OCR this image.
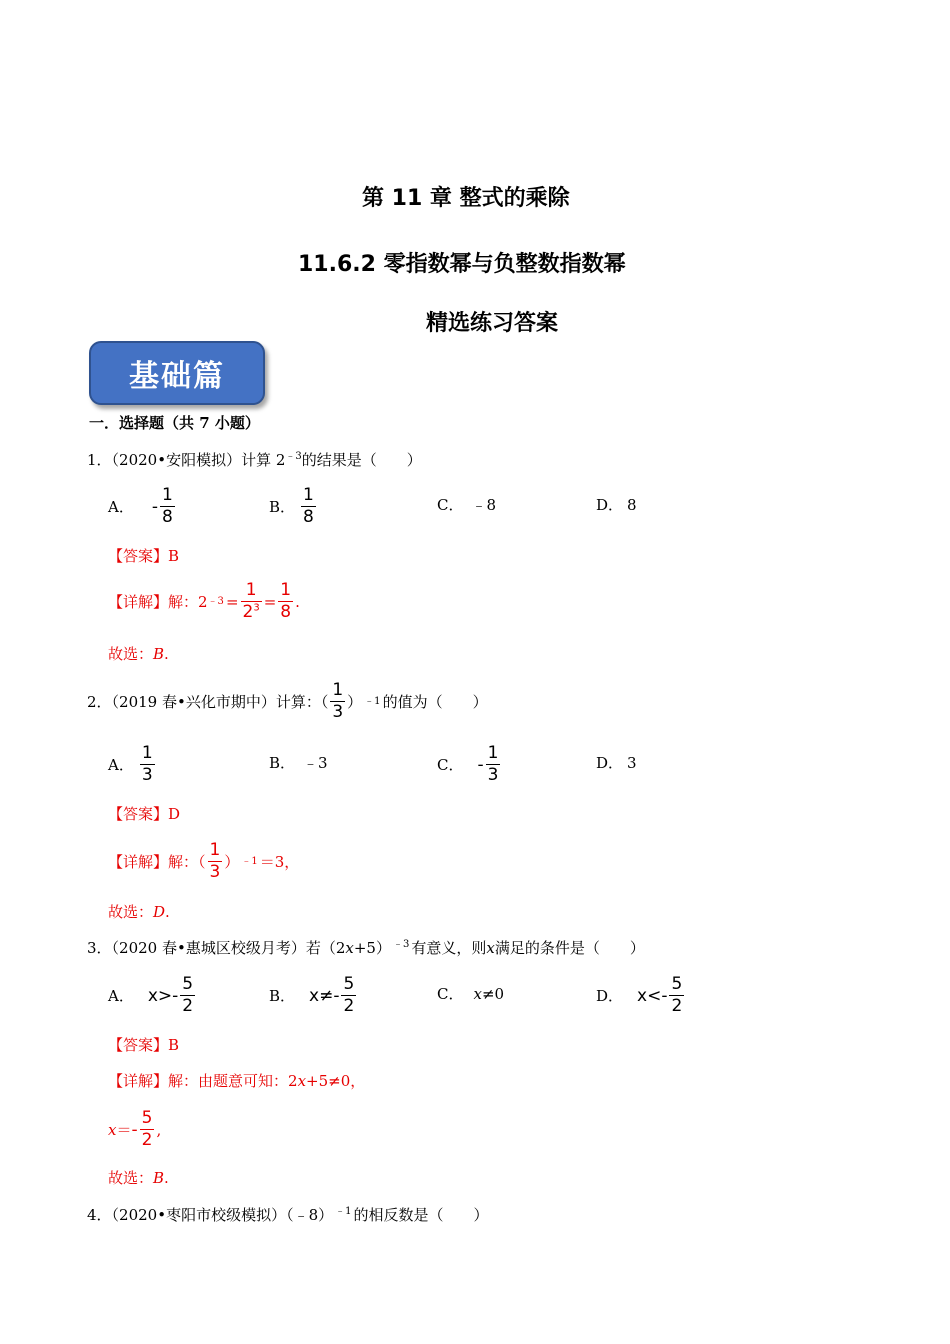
第 11 章 整式的乘除
11.6.2 零指数幂与负整数指数幂
精选练习答案
基础篇
一．选择题（共 7 小题）
1．（2020•安阳模拟）计算 $2^{﹣3}$的结果是（　　）
A． - $\frac{1}{8}$	B． $\frac{1}{8}$	C． ﹣8	D． 8
【答案】B
【详解】 解：2 ﹣3 = $\frac{1}{2^3} = \frac{1}{8}$ .
故选：B.
2．（2019 春•兴化市期中）计算：（ $\frac{1}{3}$ ） ﹣1 的值为（　　）
A． $\frac{1}{3}$	B． ﹣3	C． - $\frac{1}{3}$	D． 3
【答案】D
【详解】 解：（ $\frac{1}{3}$ ） ﹣1 ＝3，
故选：D.
3．（2020 春•惠城区校级月考）若（2x+5） $^{﹣3}$ 有意义，则x满足的条件是（　　）
A． $x>- \frac{5}{2}$	B． $x\ne- \frac{5}{2}$	C． x ≠0	D． $x<- \frac{5}{2}$
【答案】B
【详解】解：由题意可知：2x+5≠0，
x ＝ - $\frac{5}{2}$ ,
故选：B.
4．（2020•枣阳市校级模拟）（﹣8） $^{﹣1}$ 的相反数是（　　）
